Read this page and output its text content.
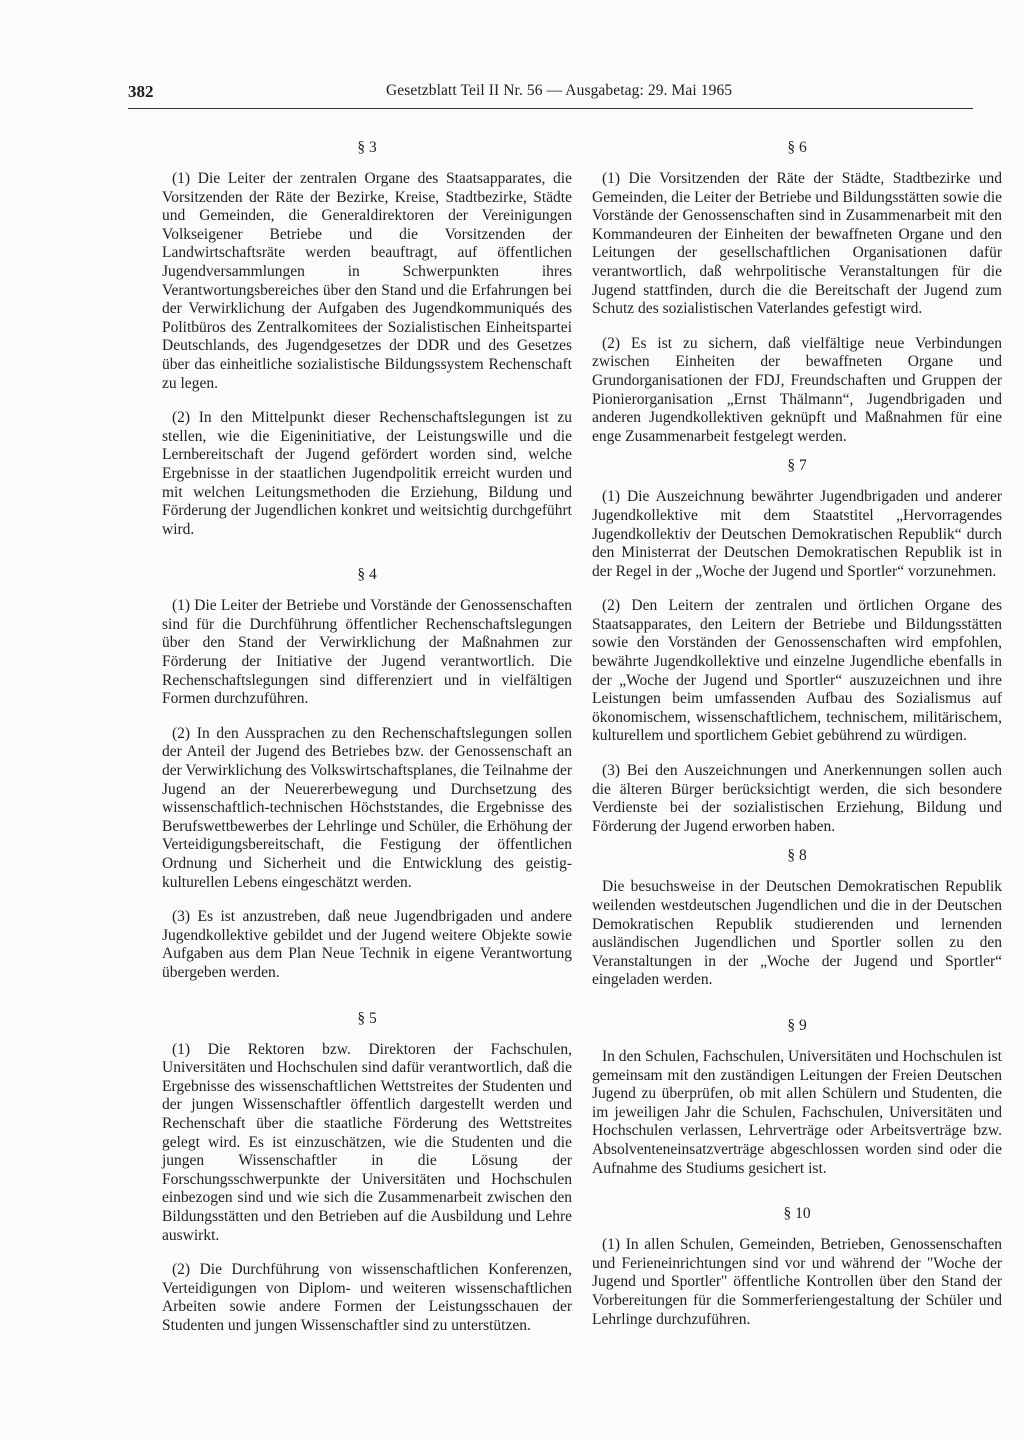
382	Gesetzblatt Teil II Nr. 56 — Ausgabetag: 29. Mai 1965
§ 3

(1) Die Leiter der zentralen Organe des Staatsapparates, die Vorsitzenden der Räte der Bezirke, Kreise, Stadtbezirke, Städte und Gemeinden, die Generaldirektoren der Vereinigungen Volkseigener Betriebe und die Vorsitzenden der Landwirtschaftsräte werden beauftragt, auf öffentlichen Jugendversammlungen in Schwerpunkten ihres Verantwortungsbereiches über den Stand und die Erfahrungen bei der Verwirklichung der Aufgaben des Jugendkommuniqués des Politbüros des Zentralkomitees der Sozialistischen Einheitspartei Deutschlands, des Jugendgesetzes der DDR und des Gesetzes über das einheitliche sozialistische Bildungssystem Rechenschaft zu legen.

(2) In den Mittelpunkt dieser Rechenschaftslegungen ist zu stellen, wie die Eigeninitiative, der Leistungswille und die Lernbereitschaft der Jugend gefördert worden sind, welche Ergebnisse in der staatlichen Jugendpolitik erreicht wurden und mit welchen Leitungsmethoden die Erziehung, Bildung und Förderung der Jugendlichen konkret und weitsichtig durchgeführt wird.

§ 4

(1) Die Leiter der Betriebe und Vorstände der Genossenschaften sind für die Durchführung öffentlicher Rechenschaftslegungen über den Stand der Verwirklichung der Maßnahmen zur Förderung der Initiative der Jugend verantwortlich. Die Rechenschaftslegungen sind differenziert und in vielfältigen Formen durchzuführen.

(2) In den Aussprachen zu den Rechenschaftslegungen sollen der Anteil der Jugend des Betriebes bzw. der Genossenschaft an der Verwirklichung des Volkswirtschaftsplanes, die Teilnahme der Jugend an der Neuererbewegung und Durchsetzung des wissenschaftlich-technischen Höchststandes, die Ergebnisse des Berufswettbewerbes der Lehrlinge und Schüler, die Erhöhung der Verteidigungsbereitschaft, die Festigung der öffentlichen Ordnung und Sicherheit und die Entwicklung des geistig-kulturellen Lebens eingeschätzt werden.

(3) Es ist anzustreben, daß neue Jugendbrigaden und andere Jugendkollektive gebildet und der Jugend weitere Objekte sowie Aufgaben aus dem Plan Neue Technik in eigene Verantwortung übergeben werden.

§ 5

(1) Die Rektoren bzw. Direktoren der Fachschulen, Universitäten und Hochschulen sind dafür verantwortlich, daß die Ergebnisse des wissenschaftlichen Wettstreites der Studenten und der jungen Wissenschaftler öffentlich dargestellt werden und Rechenschaft über die staatliche Förderung des Wettstreites gelegt wird. Es ist einzuschätzen, wie die Studenten und die jungen Wissenschaftler in die Lösung der Forschungsschwerpunkte der Universitäten und Hochschulen einbezogen sind und wie sich die Zusammenarbeit zwischen den Bildungsstätten und den Betrieben auf die Ausbildung und Lehre auswirkt.

(2) Die Durchführung von wissenschaftlichen Konferenzen, Verteidigungen von Diplom- und weiteren wissenschaftlichen Arbeiten sowie andere Formen der Leistungsschauen der Studenten und jungen Wissenschaftler sind zu unterstützen.

§ 6

(1) Die Vorsitzenden der Räte der Städte, Stadtbezirke und Gemeinden, die Leiter der Betriebe und Bildungsstätten sowie die Vorstände der Genossenschaften sind in Zusammenarbeit mit den Kommandeuren der Einheiten der bewaffneten Organe und den Leitungen der gesellschaftlichen Organisationen dafür verantwortlich, daß wehrpolitische Veranstaltungen für die Jugend stattfinden, durch die die Bereitschaft der Jugend zum Schutz des sozialistischen Vaterlandes gefestigt wird.

(2) Es ist zu sichern, daß vielfältige neue Verbindungen zwischen Einheiten der bewaffneten Organe und Grundorganisationen der FDJ, Freundschaften und Gruppen der Pionierorganisation „Ernst Thälmann“, Jugendbrigaden und anderen Jugendkollektiven geknüpft und Maßnahmen für eine enge Zusammenarbeit festgelegt werden.

§ 7

(1) Die Auszeichnung bewährter Jugendbrigaden und anderer Jugendkollektive mit dem Staatstitel „Hervorragendes Jugendkollektiv der Deutschen Demokratischen Republik“ durch den Ministerrat der Deutschen Demokratischen Republik ist in der Regel in der „Woche der Jugend und Sportler“ vorzunehmen.

(2) Den Leitern der zentralen und örtlichen Organe des Staatsapparates, den Leitern der Betriebe und Bildungsstätten sowie den Vorständen der Genossenschaften wird empfohlen, bewährte Jugendkollektive und einzelne Jugendliche ebenfalls in der „Woche der Jugend und Sportler“ auszuzeichnen und ihre Leistungen beim umfassenden Aufbau des Sozialismus auf ökonomischem, wissenschaftlichem, technischem, militärischem, kulturellem und sportlichem Gebiet gebührend zu würdigen.

(3) Bei den Auszeichnungen und Anerkennungen sollen auch die älteren Bürger berücksichtigt werden, die sich besondere Verdienste bei der sozialistischen Erziehung, Bildung und Förderung der Jugend erworben haben.

§ 8

Die besuchsweise in der Deutschen Demokratischen Republik weilenden westdeutschen Jugendlichen und die in der Deutschen Demokratischen Republik studierenden und lernenden ausländischen Jugendlichen und Sportler sollen zu den Veranstaltungen in der „Woche der Jugend und Sportler“ eingeladen werden.

§ 9

In den Schulen, Fachschulen, Universitäten und Hochschulen ist gemeinsam mit den zuständigen Leitungen der Freien Deutschen Jugend zu überprüfen, ob mit allen Schülern und Studenten, die im jeweiligen Jahr die Schulen, Fachschulen, Universitäten und Hochschulen verlassen, Lehrverträge oder Arbeitsverträge bzw. Absolventeneinsatzverträge abgeschlossen worden sind oder die Aufnahme des Studiums gesichert ist.

§ 10

(1) In allen Schulen, Gemeinden, Betrieben, Genossenschaften und Ferieneinrichtungen sind vor und während der "Woche der Jugend und Sportler" öffentliche Kontrollen über den Stand der Vorbereitungen für die Sommerferiengestaltung der Schüler und Lehrlinge durchzuführen.
